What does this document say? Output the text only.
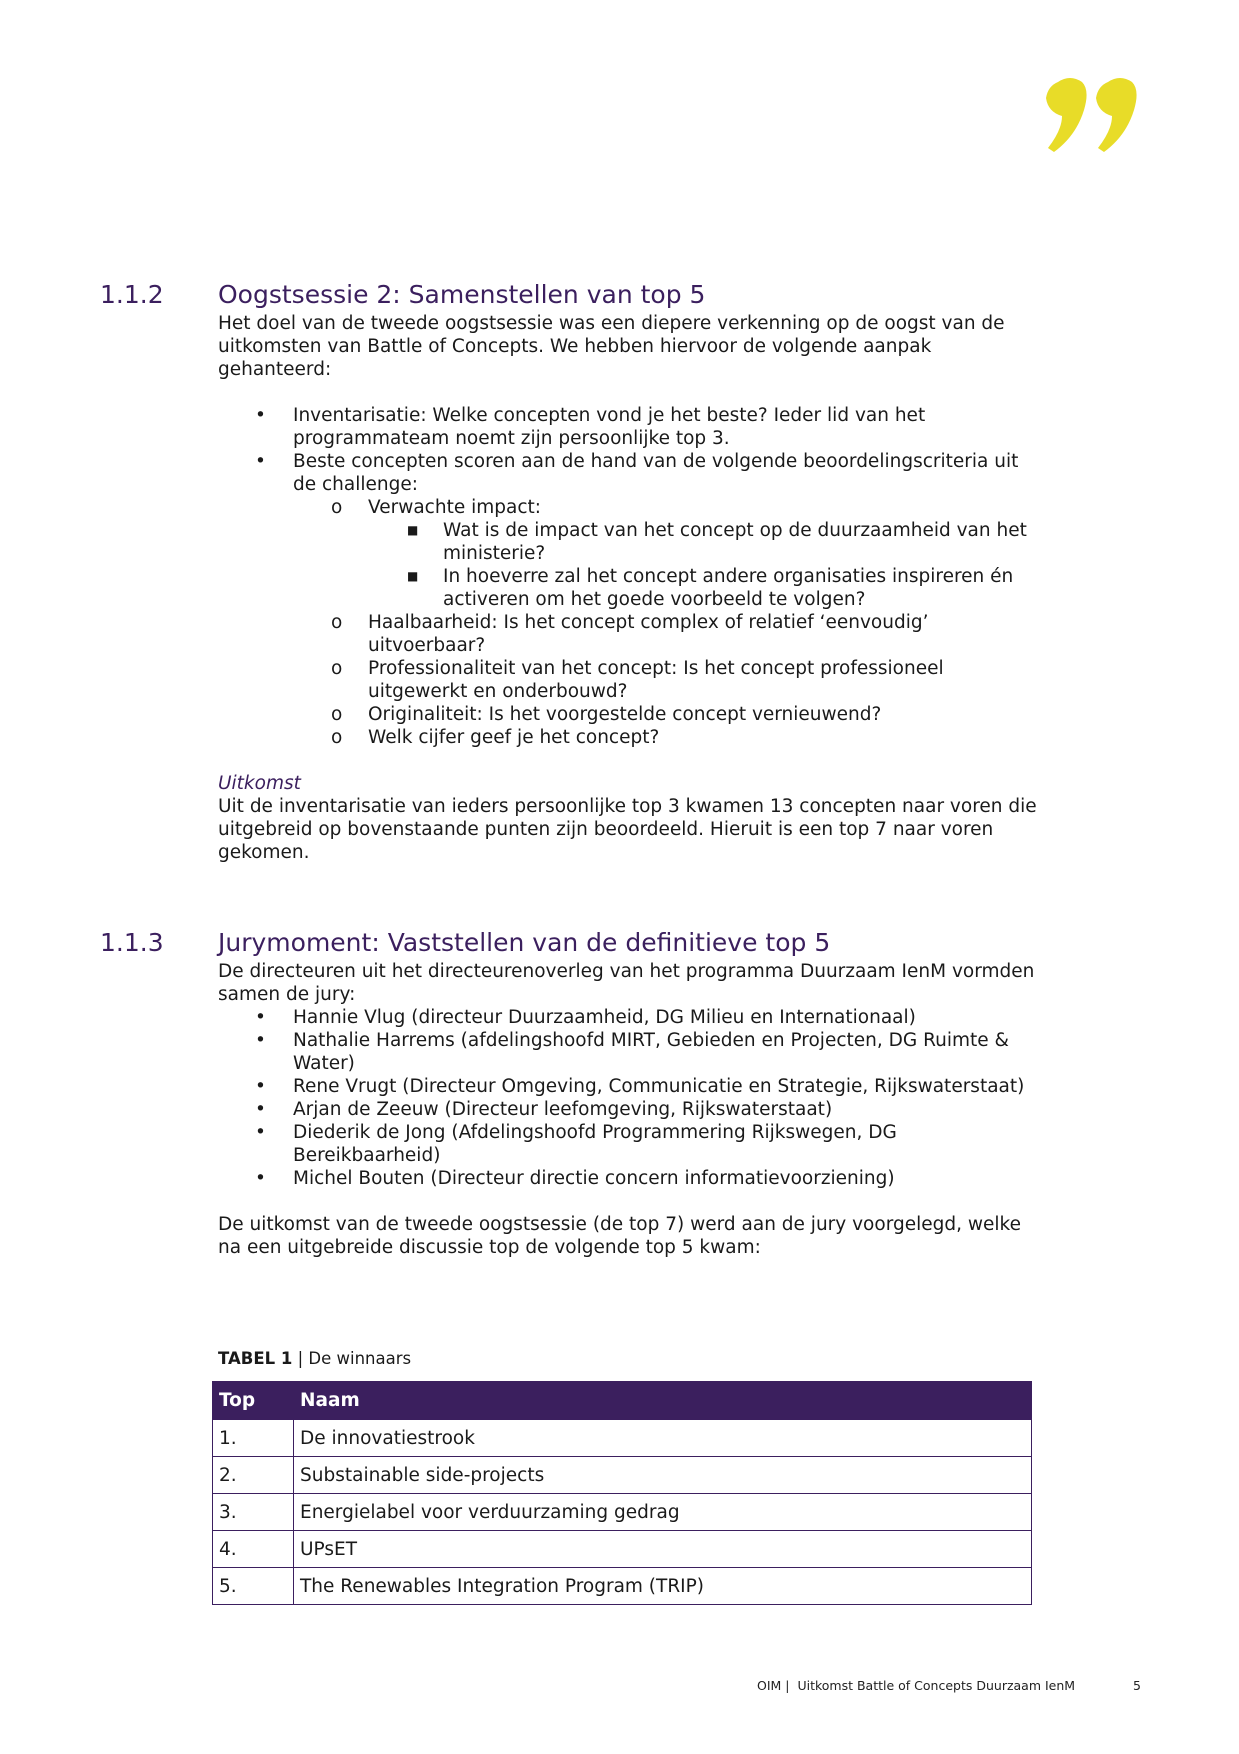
1.1.2 Oogstsessie 2: Samenstellen van top 5

Het doel van de tweede oogstsessie was een diepere verkenning op de oogst van de uitkomsten van Battle of Concepts. We hebben hiervoor de volgende aanpak gehanteerd:

• Inventarisatie: Welke concepten vond je het beste? Ieder lid van het programmateam noemt zijn persoonlijke top 3.
• Beste concepten scoren aan de hand van de volgende beoordelingscriteria uit de challenge:
o Verwachte impact:
■ Wat is de impact van het concept op de duurzaamheid van het ministerie?
■ In hoeverre zal het concept andere organisaties inspireren én activeren om het goede voorbeeld te volgen?
o Haalbaarheid: Is het concept complex of relatief ‘eenvoudig’ uitvoerbaar?
o Professionaliteit van het concept: Is het concept professioneel uitgewerkt en onderbouwd?
o Originaliteit: Is het voorgestelde concept vernieuwend?
o Welk cijfer geef je het concept?

Uitkomst

Uit de inventarisatie van ieders persoonlijke top 3 kwamen 13 concepten naar voren die uitgebreid op bovenstaande punten zijn beoordeeld. Hieruit is een top 7 naar voren gekomen.

1.1.3 Jurymoment: Vaststellen van de definitieve top 5

De directeuren uit het directeurenoverleg van het programma Duurzaam IenM vormden samen de jury:

• Hannie Vlug (directeur Duurzaamheid, DG Milieu en Internationaal)
• Nathalie Harrems (afdelingshoofd MIRT, Gebieden en Projecten, DG Ruimte & Water)
• Rene Vrugt (Directeur Omgeving, Communicatie en Strategie, Rijkswaterstaat)
• Arjan de Zeeuw (Directeur leefomgeving, Rijkswaterstaat)
• Diederik de Jong (Afdelingshoofd Programmering Rijkswegen, DG Bereikbaarheid)
• Michel Bouten (Directeur directie concern informatievoorziening)

De uitkomst van de tweede oogstsessie (de top 7) werd aan de jury voorgelegd, welke na een uitgebreide discussie top de volgende top 5 kwam:

TABEL 1 | De winnaars
Top	Naam
1.	De innovatiestrook
2.	Substainable side-projects
3.	Energielabel voor verduurzaming gedrag
4.	UPsET
5.	The Renewables Integration Program (TRIP)
OIM |  Uitkomst Battle of Concepts Duurzaam IenM	5
